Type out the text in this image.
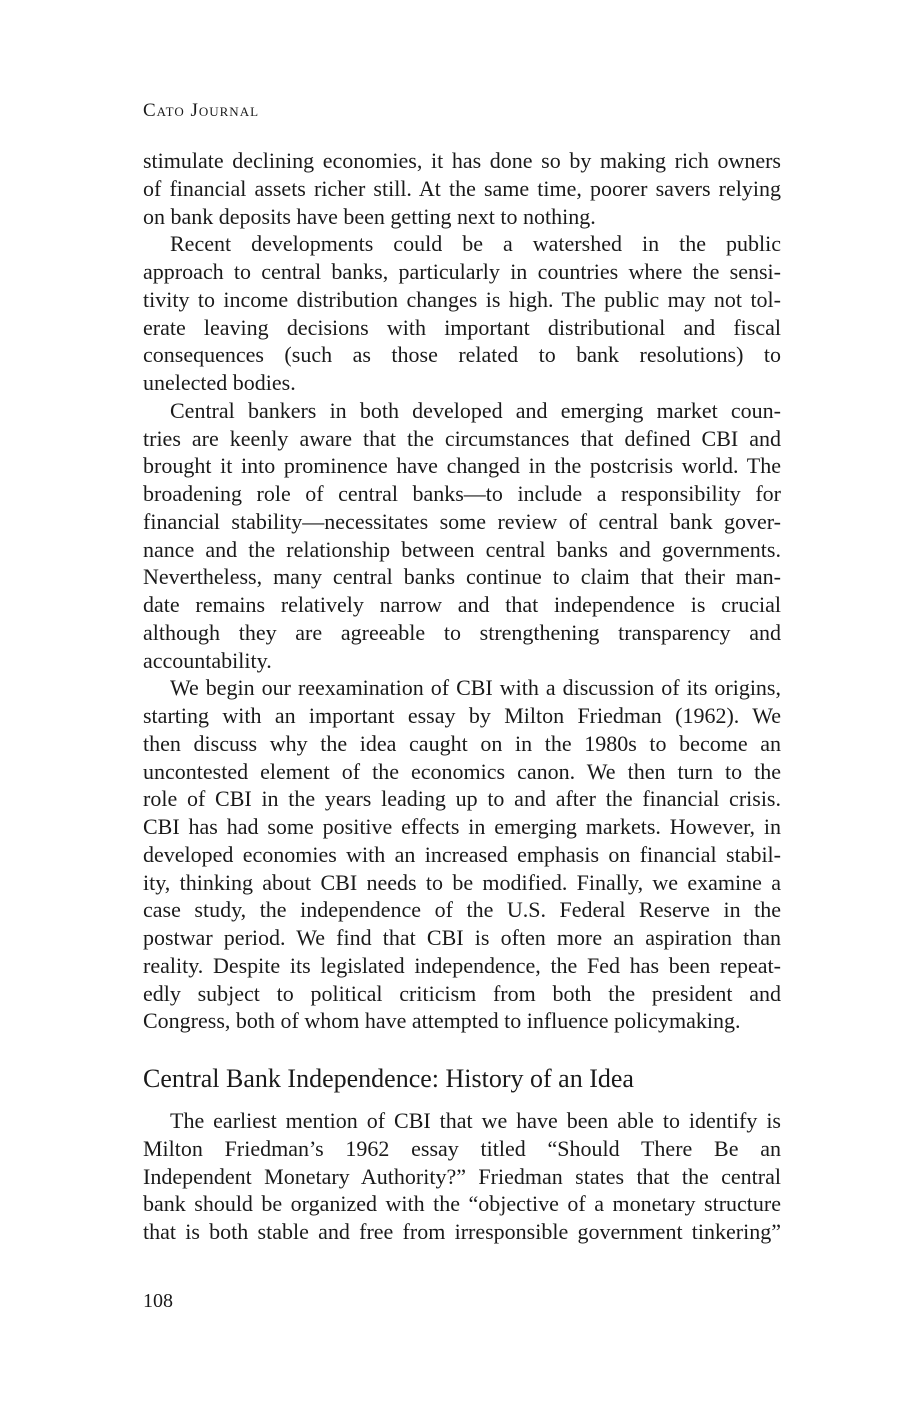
Cato Journal
stimulate declining economies, it has done so by making rich owners
of financial assets richer still. At the same time, poorer savers relying
on bank deposits have been getting next to nothing.
Recent developments could be a watershed in the public
approach to central banks, particularly in countries where the sensi-
tivity to income distribution changes is high. The public may not tol-
erate leaving decisions with important distributional and fiscal
consequences (such as those related to bank resolutions) to
unelected bodies.
Central bankers in both developed and emerging market coun-
tries are keenly aware that the circumstances that defined CBI and
brought it into prominence have changed in the postcrisis world. The
broadening role of central banks—to include a responsibility for
financial stability—necessitates some review of central bank gover-
nance and the relationship between central banks and governments.
Nevertheless, many central banks continue to claim that their man-
date remains relatively narrow and that independence is crucial
although they are agreeable to strengthening transparency and
accountability.
We begin our reexamination of CBI with a discussion of its origins,
starting with an important essay by Milton Friedman (1962). We
then discuss why the idea caught on in the 1980s to become an
uncontested element of the economics canon. We then turn to the
role of CBI in the years leading up to and after the financial crisis.
CBI has had some positive effects in emerging markets. However, in
developed economies with an increased emphasis on financial stabil-
ity, thinking about CBI needs to be modified. Finally, we examine a
case study, the independence of the U.S. Federal Reserve in the
postwar period. We find that CBI is often more an aspiration than
reality. Despite its legislated independence, the Fed has been repeat-
edly subject to political criticism from both the president and
Congress, both of whom have attempted to influence policymaking.
Central Bank Independence: History of an Idea
The earliest mention of CBI that we have been able to identify is
Milton Friedman’s 1962 essay titled “Should There Be an
Independent Monetary Authority?” Friedman states that the central
bank should be organized with the “objective of a monetary structure
that is both stable and free from irresponsible government tinkering”
108
